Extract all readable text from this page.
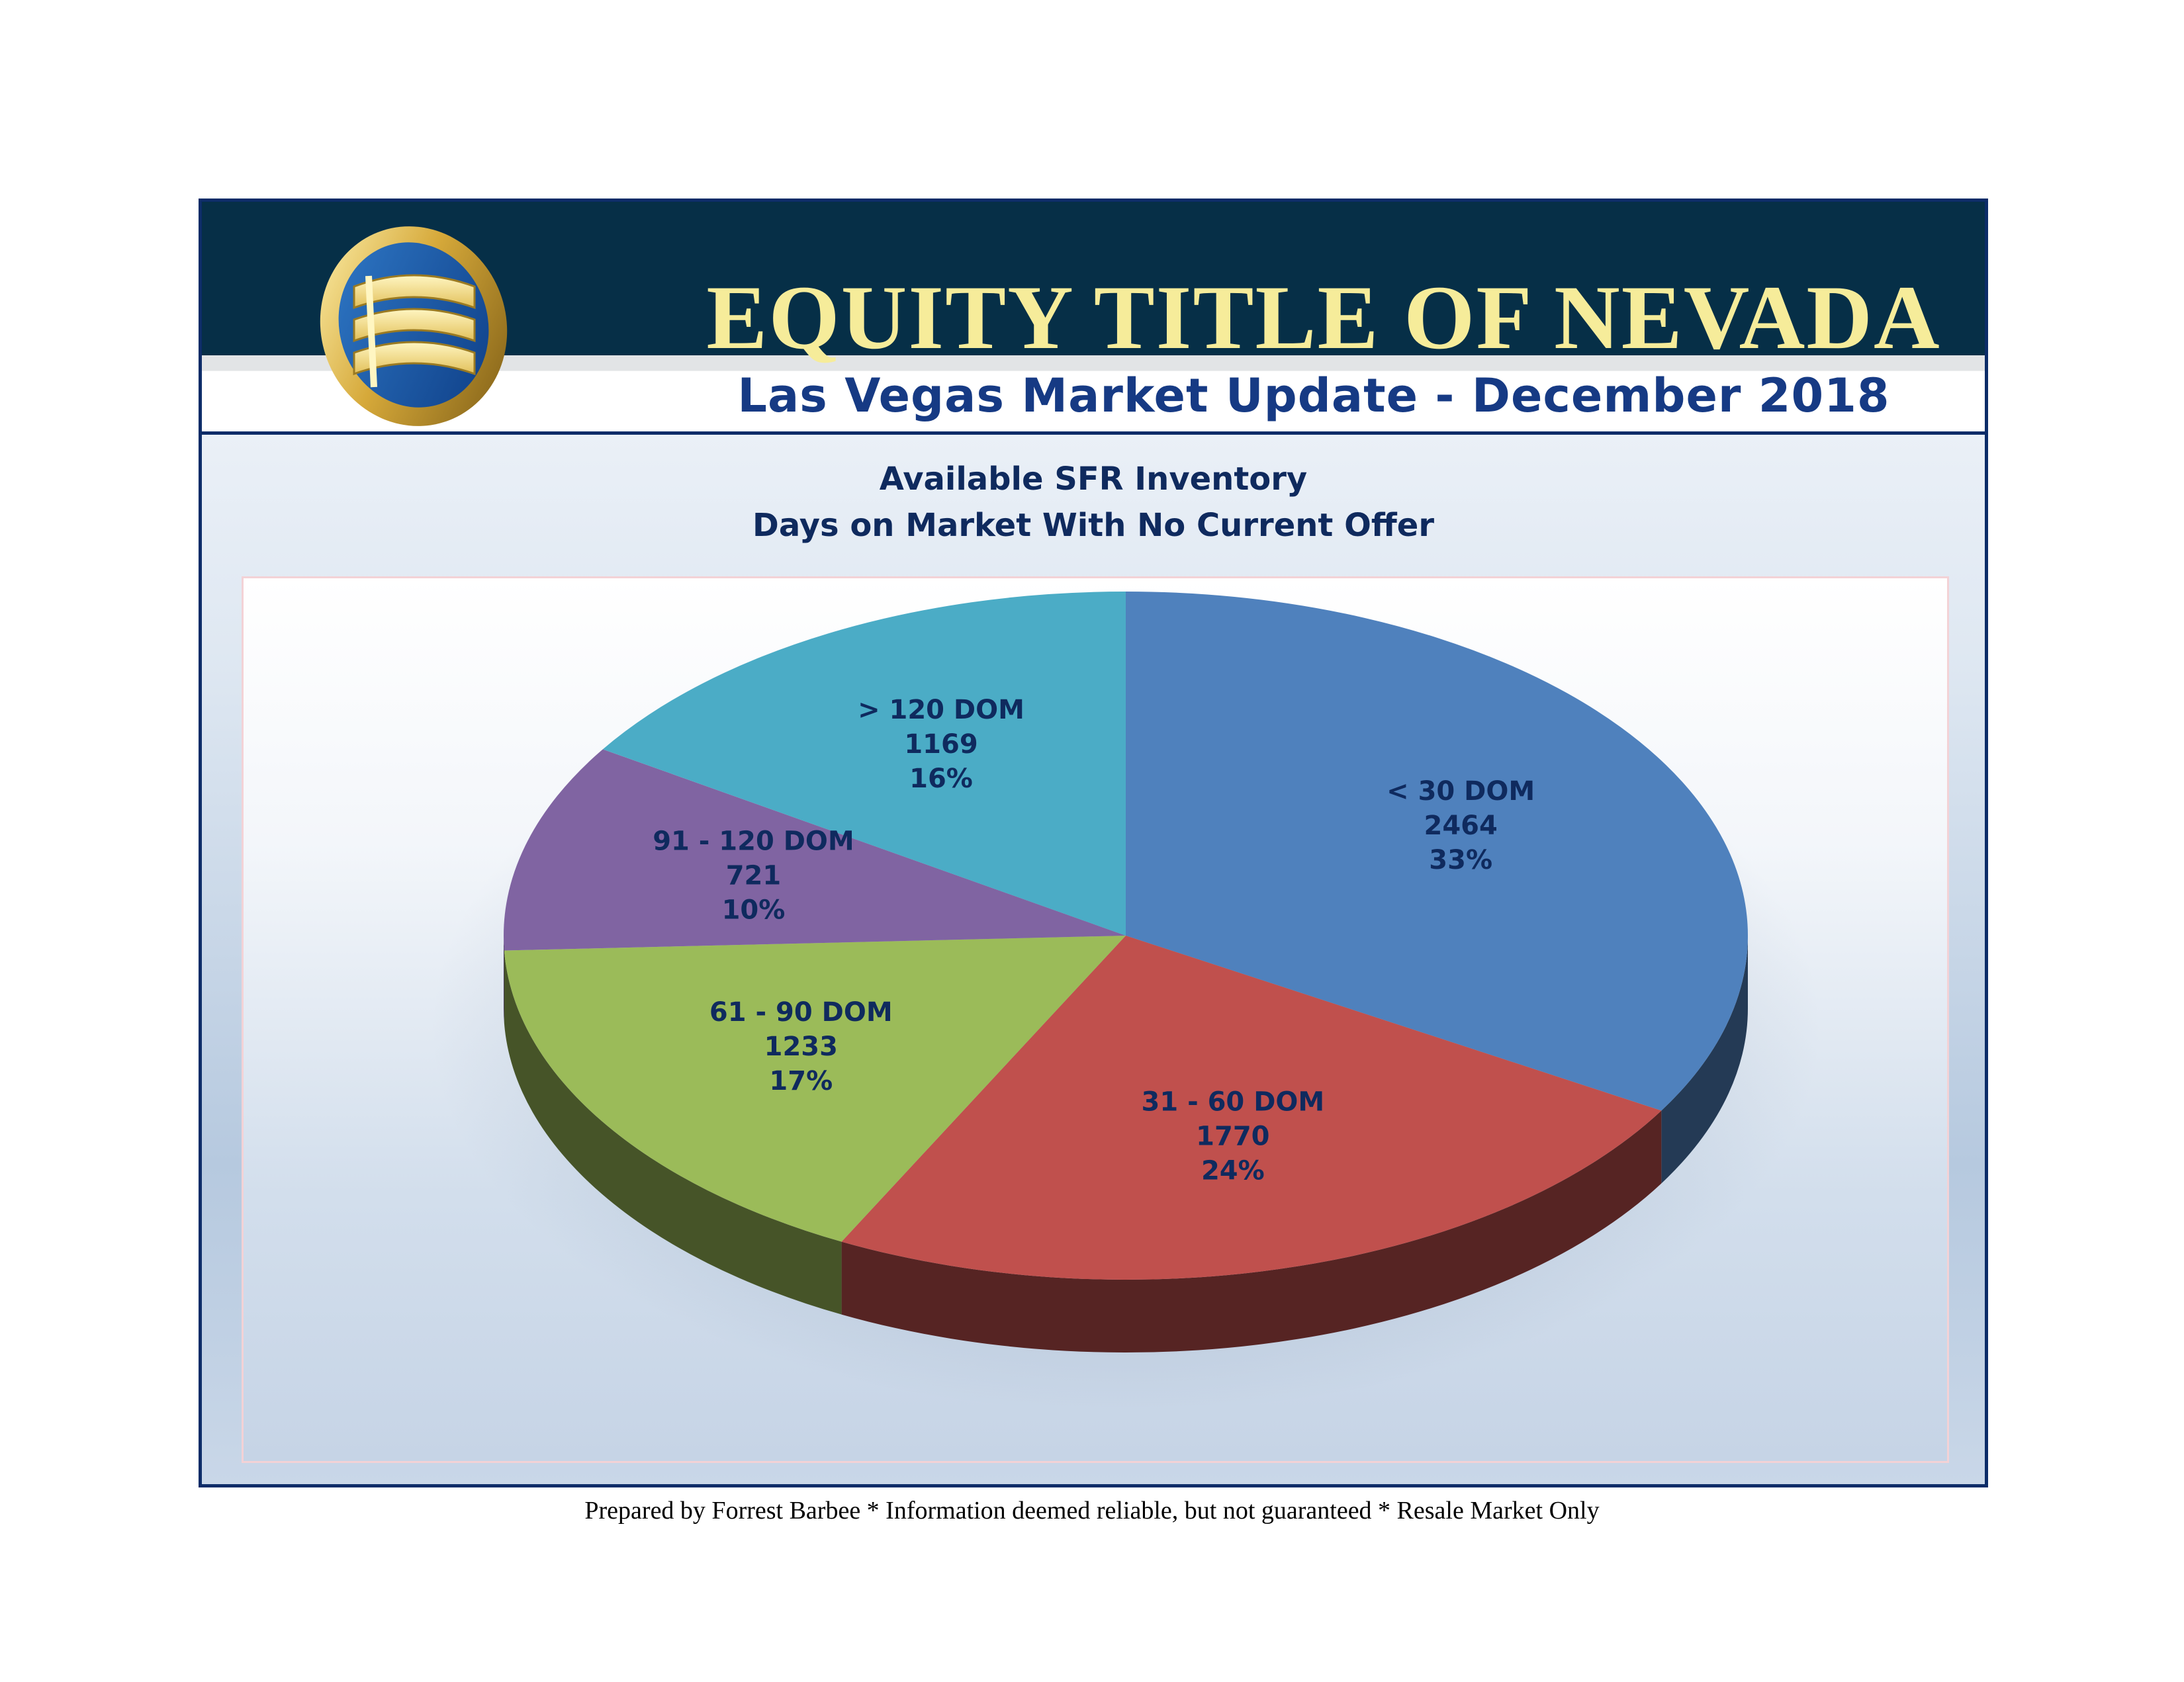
EQUITY TITLE OF NEVADA
Las Vegas Market Update - December 2018
Available SFR Inventory
Days on Market With No Current Offer
< 30 DOM
2464
33%
31 - 60 DOM
1770
24%
61 - 90 DOM
1233
17%
91 - 120 DOM
721
10%
> 120 DOM
1169
16%
Prepared by Forrest Barbee * Information deemed reliable, but not guaranteed * Resale Market Only
